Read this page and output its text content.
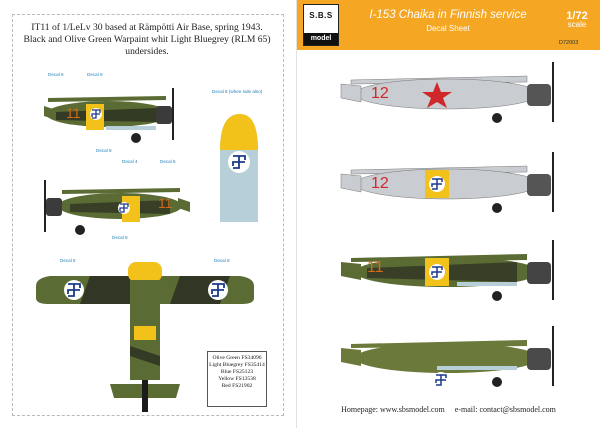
IT11 of 1/LeLv 30 based at Rämpötti Air Base, spring 1943. Black and Olive Green Warpaint whit Light Bluegrey (RLM 65) undersides.
11
Decal 6	Decal 5
Decal 8
11
Decal 4	Decal 6
Decal 8
Decal 8 (when side also)
Decal 8	Decal 8
Olive Green FS34096
Light Bluegrey FS35414
Blue FS25123
Yellow FS13538
Red FS21902
S.B.S
model
I-153 Chaika in Finnish service
Decal Sheet
1/72
scale
D72003
12
12
11
Homepage: www.sbsmodel.com e-mail: contact@sbsmodel.com
